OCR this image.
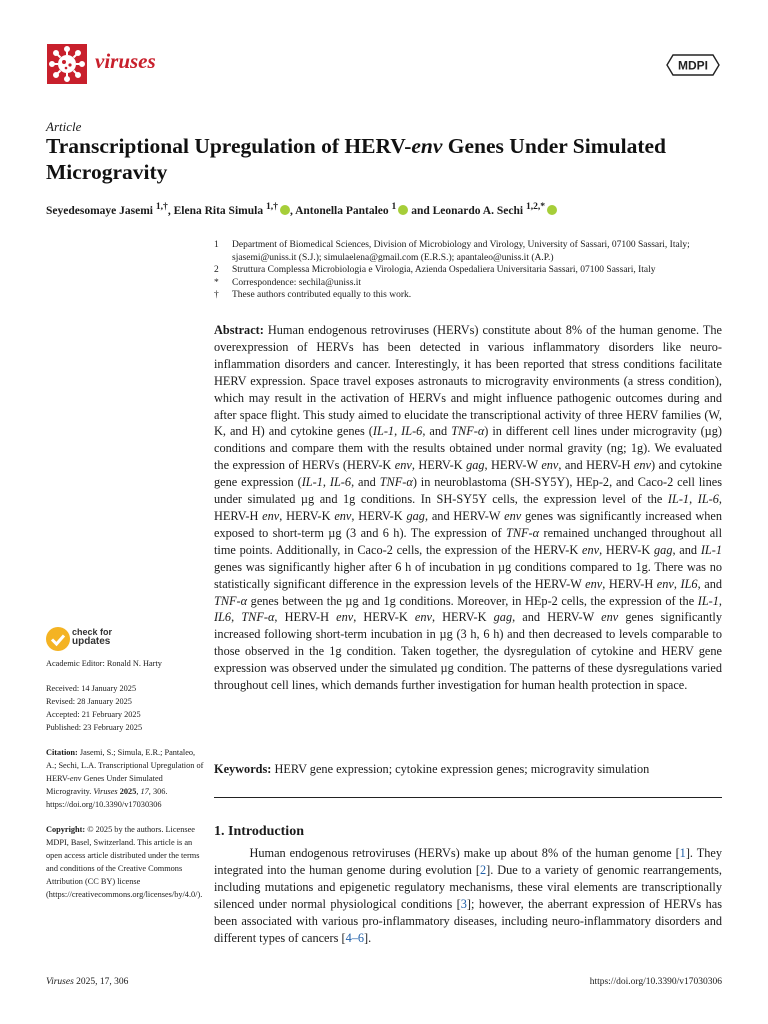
viruses	MDPI
Article
Transcriptional Upregulation of HERV-env Genes Under Simulated Microgravity
Seyedesomaye Jasemi $^{1,\dagger}$, Elena Rita Simula $^{1,\dagger}$ , Antonella Pantaleo $^1$ and Leonardo A. Sechi $^{1,2,*}$
1	Department of Biomedical Sciences, Division of Microbiology and Virology, University of Sassari, 07100 Sassari, Italy; sjasemi@uniss.it (S.J.); simulaelena@gmail.com (E.R.S.); apantaleo@uniss.it (A.P.)
2	Struttura Complessa Microbiologia e Virologia, Azienda Ospedaliera Universitaria Sassari, 07100 Sassari, Italy
*	Correspondence: sechila@uniss.it
†	These authors contributed equally to this work.
Abstract: Human endogenous retroviruses (HERVs) constitute about 8% of the human genome. The overexpression of HERVs has been detected in various inflammatory disorders like neuro-inflammation disorders and cancer. Interestingly, it has been reported that stress conditions facilitate HERV expression. Space travel exposes astronauts to microgravity environments (a stress condition), which may result in the activation of HERVs and might influence pathogenic outcomes during and after space flight. This study aimed to elucidate the transcriptional activity of three HERV families (W, K, and H) and cytokine genes (IL-1, IL-6, and TNF-α) in different cell lines under microgravity (µg) conditions and compare them with the results obtained under normal gravity (ng; 1g). We evaluated the expression of HERVs (HERV-K env, HERV-K gag, HERV-W env, and HERV-H env) and cytokine gene expression (IL-1, IL-6, and TNF-α) in neuroblastoma (SH-SY5Y), HEp-2, and Caco-2 cell lines under simulated µg and 1g conditions. In SH-SY5Y cells, the expression level of the IL-1, IL-6, HERV-H env, HERV-K env, HERV-K gag, and HERV-W env genes was significantly increased when exposed to short-term µg (3 and 6 h). The expression of TNF-α remained unchanged throughout all time points. Additionally, in Caco-2 cells, the expression of the HERV-K env, HERV-K gag, and IL-1 genes was significantly higher after 6 h of incubation in µg conditions compared to 1g. There was no statistically significant difference in the expression levels of the HERV-W env, HERV-H env, IL6, and TNF-α genes between the µg and 1g conditions. Moreover, in HEp-2 cells, the expression of the IL-1, IL6, TNF-α, HERV-H env, HERV-K env, HERV-K gag, and HERV-W env genes significantly increased following short-term incubation in µg (3 h, 6 h) and then decreased to levels comparable to those observed in the 1g condition. Taken together, the dysregulation of cytokine and HERV gene expression was observed under the simulated µg condition. The patterns of these dysregulations varied throughout cell lines, which demands further investigation for human health protection in space.
Keywords: HERV gene expression; cytokine expression genes; microgravity simulation
1. Introduction
Human endogenous retroviruses (HERVs) make up about 8% of the human genome [1]. They integrated into the human genome during evolution [2]. Due to a variety of genomic rearrangements, including mutations and epigenetic regulatory mechanisms, these viral elements are transcriptionally silenced under normal physiological conditions [3]; however, the aberrant expression of HERVs has been associated with various pro-inflammatory diseases, including neuro-inflammatory disorders and different types of cancers [4–6].
check for
updates
Academic Editor: Ronald N. Harty
Received: 14 January 2025
Revised: 28 January 2025
Accepted: 21 February 2025
Published: 23 February 2025
Citation: Jasemi, S.; Simula, E.R.; Pantaleo, A.; Sechi, L.A. Transcriptional Upregulation of HERV-env Genes Under Simulated Microgravity. Viruses 2025, 17, 306. https://doi.org/10.3390/v17030306
Copyright: © 2025 by the authors. Licensee MDPI, Basel, Switzerland. This article is an open access article distributed under the terms and conditions of the Creative Commons Attribution (CC BY) license (https://creativecommons.org/licenses/by/4.0/).
Viruses 2025, 17, 306	https://doi.org/10.3390/v17030306
